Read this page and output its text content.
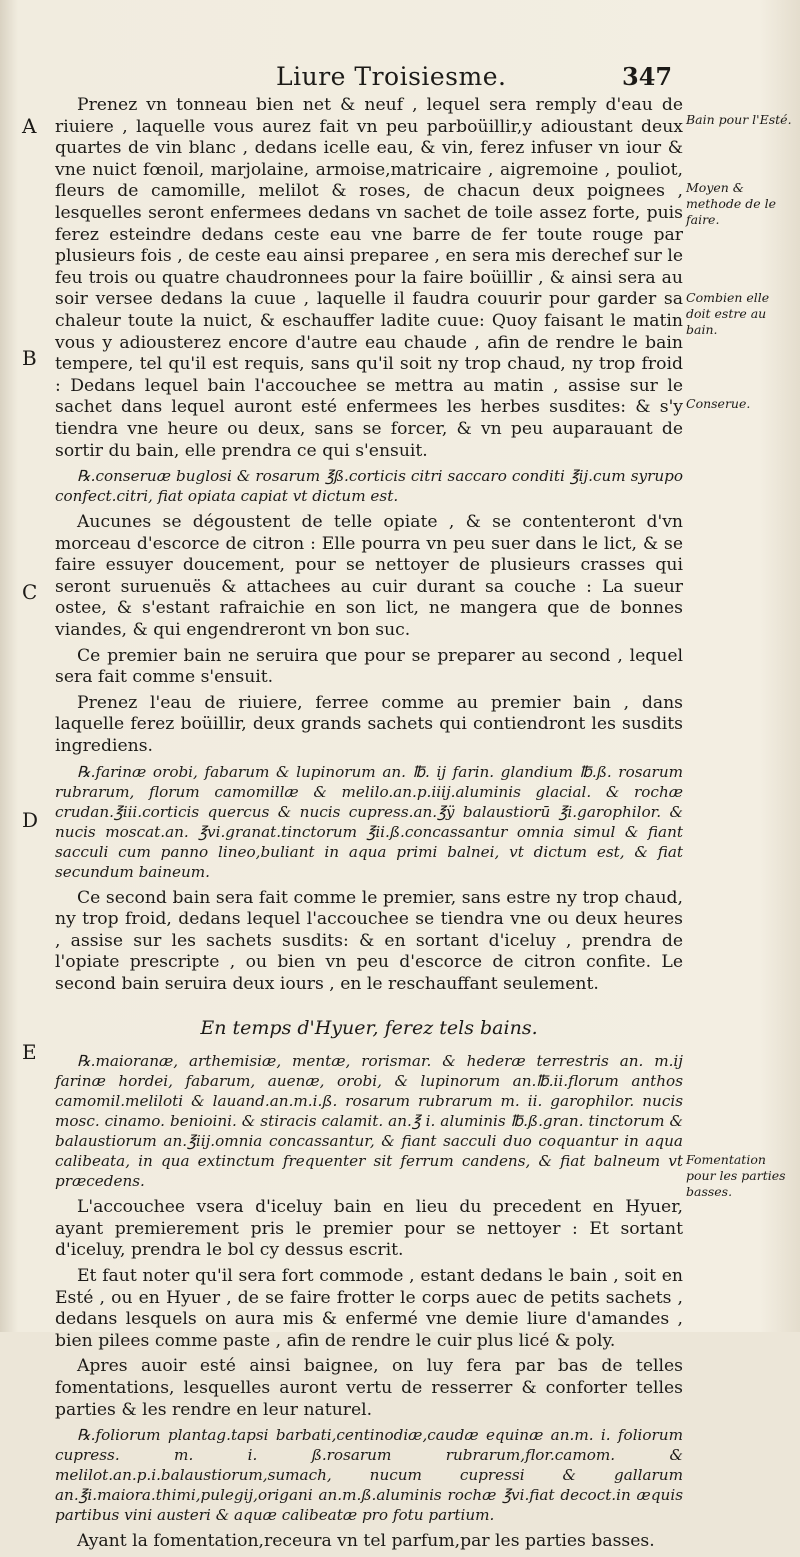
Liure Troisiesme.	347
A
B
C
D
E
Bain pour l'Esté.
Moyen & methode de le faire.
Combien elle doit estre au bain.
Conserue.
Fomentation pour les parties basses.

Prenez vn tonneau bien net & neuf , lequel sera remply d'eau de riuiere , laquelle vous aurez fait vn peu parboüillir,y adioustant deux quartes de vin blanc , dedans icelle eau, & vin, ferez infuser vn iour & vne nuict fœnoil, marjolaine, armoise,matricaire , aigremoine , pouliot, fleurs de camomille, melilot & roses, de chacun deux poignees , lesquelles seront enfermees dedans vn sachet de toile assez forte, puis ferez esteindre dedans ceste eau vne barre de fer toute rouge par plusieurs fois , de ceste eau ainsi preparee , en sera mis derechef sur le feu trois ou quatre chaudronnees pour la faire boüillir , & ainsi sera au soir versee dedans la cuue , laquelle il faudra couurir pour garder sa chaleur toute la nuict, & eschauffer ladite cuue: Quoy faisant le matin vous y adiousterez encore d'autre eau chaude , afin de rendre le bain tempere, tel qu'il est requis, sans qu'il soit ny trop chaud, ny trop froid : Dedans lequel bain l'accouchee se mettra au matin , assise sur le sachet dans lequel auront esté enfermees les herbes susdites: & s'y tiendra vne heure ou deux, sans se forcer, & vn peu auparauant de sortir du bain, elle prendra ce qui s'ensuit.

℞.conseruæ buglosi & rosarum ℥ß.corticis citri saccaro conditi ℥ij.cum syrupo confect.citri, fiat opiata capiat vt dictum est.

Aucunes se dégoustent de telle opiate , & se contenteront d'vn morceau d'escorce de citron : Elle pourra vn peu suer dans le lict, & se faire essuyer doucement, pour se nettoyer de plusieurs crasses qui seront suruenuës & attachees au cuir durant sa couche : La sueur ostee, & s'estant rafraichie en son lict, ne mangera que de bonnes viandes, & qui engendreront vn bon suc.

Ce premier bain ne seruira que pour se preparer au second , lequel sera fait comme s'ensuit.

Prenez l'eau de riuiere, ferree comme au premier bain , dans laquelle ferez boüillir, deux grands sachets qui contiendront les susdits ingrediens.

℞.farinæ orobi, fabarum & lupinorum an. ℔. ij farin. glandium ℔.ß. rosarum rubrarum, florum camomillæ & melilo.an.p.iiij.aluminis glacial. & rochæ crudan.℥iii.corticis quercus & nucis cupress.an.℥ÿ balaustiorū ℥i.garophilor. & nucis moscat.an. ℥vi.granat.tinctorum ℥ii.ß.concassantur omnia simul & fiant sacculi cum panno lineo,buliant in aqua primi balnei, vt dictum est, & fiat secundum baineum.

Ce second bain sera fait comme le premier, sans estre ny trop chaud, ny trop froid, dedans lequel l'accouchee se tiendra vne ou deux heures , assise sur les sachets susdits: & en sortant d'iceluy , prendra de l'opiate prescripte , ou bien vn peu d'escorce de citron confite. Le second bain seruira deux iours , en le reschauffant seulement.

En temps d'Hyuer, ferez tels bains.

℞.maioranæ, arthemisiæ, mentæ, rorismar. & hederæ terrestris an. m.ij farinæ hordei, fabarum, auenæ, orobi, & lupinorum an.℔.ii.florum anthos camomil.meliloti & lauand.an.m.i.ß. rosarum rubrarum m. ii. garophilor. nucis mosc. cinamo. benioini. & stiracis calamit. an.℥ i. aluminis ℔.ß.gran. tinctorum & balaustiorum an.℥iij.omnia concassantur, & fiant sacculi duo coquantur in aqua calibeata, in qua extinctum frequenter sit ferrum candens, & fiat balneum vt præcedens.

L'accouchee vsera d'iceluy bain en lieu du precedent en Hyuer, ayant premierement pris le premier pour se nettoyer : Et sortant d'iceluy, prendra le bol cy dessus escrit.

Et faut noter qu'il sera fort commode , estant dedans le bain , soit en Esté , ou en Hyuer , de se faire frotter le corps auec de petits sachets , dedans lesquels on aura mis & enfermé vne demie liure d'amandes , bien pilees comme paste , afin de rendre le cuir plus licé & poly.

Apres auoir esté ainsi baignee, on luy fera par bas de telles fomentations, lesquelles auront vertu de resserrer & conforter telles parties & les rendre en leur naturel.

℞.foliorum plantag.tapsi barbati,centinodiæ,caudæ equinæ an.m. i. foliorum cupress. m. i. ß.rosarum rubrarum,flor.camom. & melilot.an.p.i.balaustiorum,sumach, nucum cupressi & gallarum an.℥i.maiora.thimi,pulegij,origani an.m.ß.aluminis rochæ ℥vi.fiat decoct.in æquis partibus vini austeri & aquæ calibeatæ pro fotu partium.

Ayant la fomentation,receura vn tel parfum,par les parties basses.
